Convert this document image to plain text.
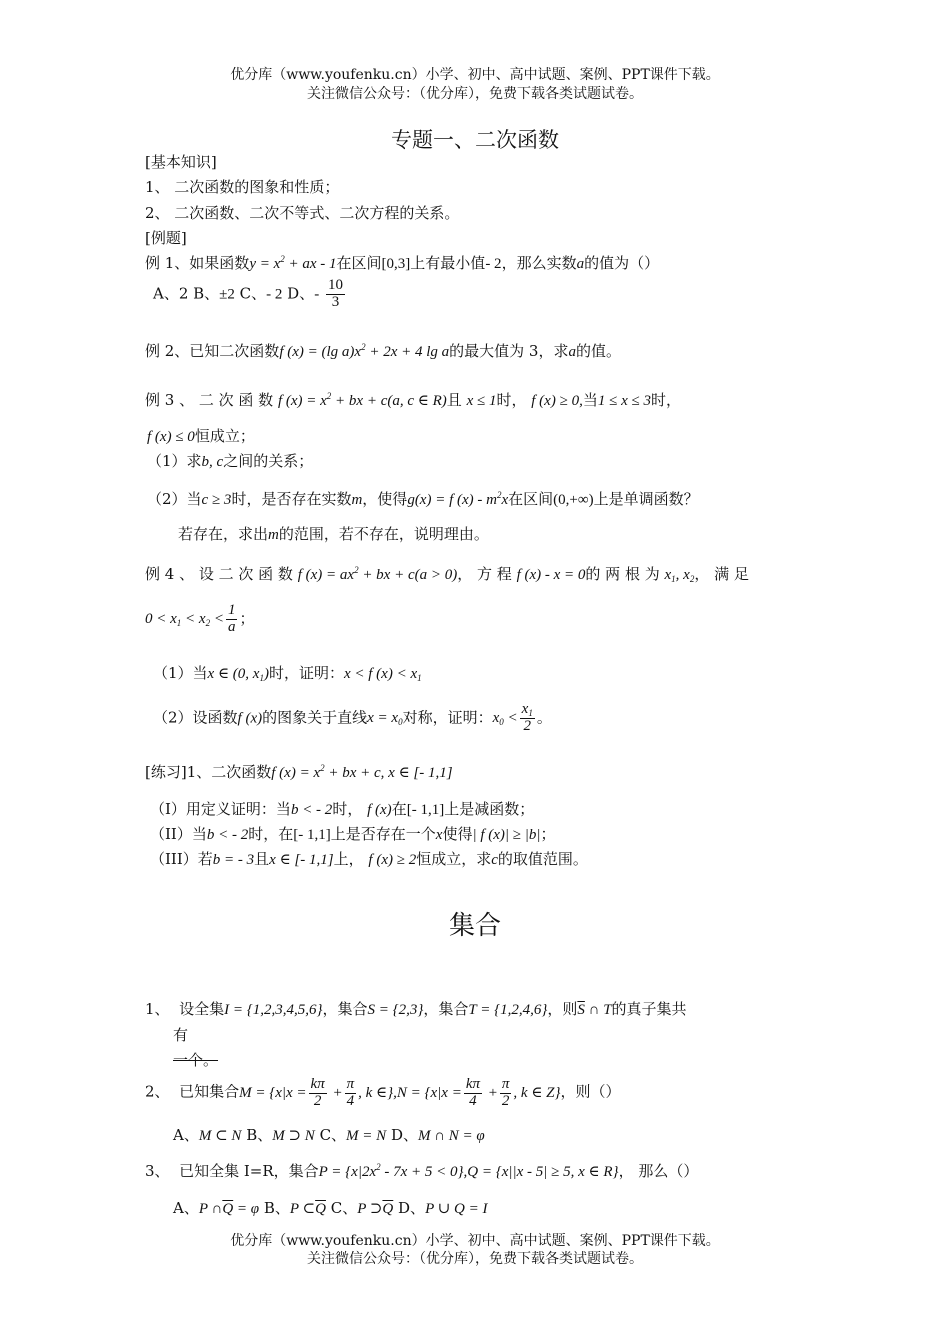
优分库（www.youfenku.cn）小学、初中、高中试题、案例、PPT课件下载。
关注微信公众号：（优分库），免费下载各类试题试卷。
专题一、二次函数
[基本知识]
1、 二次函数的图象和性质；
2、 二次函数、二次不等式、二次方程的关系。
[例题]
例 1、如果函数$y = x^2$ + ax - 1在区间[0,3]上有最小值- 2，那么实数a的值为（）
A、2 B、±2 C、- 2 D、- $\frac{10}{3}$
例 2、已知二次函数f (x) = (lg $a)x^2 + 2x + 4$ lg a的最大值为 3，求a的值。
例 3 、 二 次 函 数 f $(x) = x^2$ + bx + c(a, c ∈ R)且 x ≤ 1时， f (x) ≥ 0,当1 ≤ x ≤ 3时，
f (x) ≤ 0恒成立；
（1）求b, c之间的关系；
（2）当c ≥ 3时，是否存在实数m，使得g(x) = f $(x) - m^2x$在区间(0,+∞)上是单调函数？
若存在，求出m的范围，若不存在，说明理由。
例 4 、 设 二 次 函 数 f $(x) = ax^2$ + bx + c(a > 0)， 方 程 f (x) - x = 0的 两 根 为 $x_1$, $x_2$， 满 足
$0 < x_1 < x_2 < \frac{1}{a}$ ；
（1）当x ∈ (0, $x_1$)时，证明：x < f $(x) < x_1$
（2）设函数f (x)的图象关于直线$x = x_0$对称，证明：$x_0 < \frac{x_1}{2}$ 。
[练习]1、二次函数f $(x) = x^2$ + bx + c, x ∈ [- 1,1]
（I）用定义证明：当b < - 2时， f (x)在[- 1,1]上是减函数；
（II）当b < - 2时，在[- 1,1]上是否存在一个x使得| f (x)| ≥ |b|；
（III）若b = - 3且x ∈ [- 1,1]上， f (x) ≥ 2恒成立，求c的取值范围。
集合
1、 设全集I = {1,2,3,4,5,6}，集合S = {2,3}，集合T = {1,2,4,6}，则$\overline{S}$ ∩ T的真子集共
有
一个。
2、 已知集合$M = \{x|x = \frac{k\pi}{2} + \frac{\pi}{4}$ , k ∈},N = {$x|x = \frac{k\pi}{4} + \frac{\pi}{2}$ , k ∈ Z}，则（）
A、M ⊂ N B、M ⊃ N C、M = N D、M ∩ N = φ
3、 已知全集 I=R，集合$P = \{x|2x^2 - 7x + 5 < 0\},Q = \{x||x - 5| \ge 5$, x ∈ R}， 那么（）
A、P $\cap\overline{Q} = \varphi$ B、P $\subset\overline{Q}$ C、P $⊃\overline{Q}$ D、P ∪ Q = I
优分库（www.youfenku.cn）小学、初中、高中试题、案例、PPT课件下载。
关注微信公众号：（优分库），免费下载各类试题试卷。
